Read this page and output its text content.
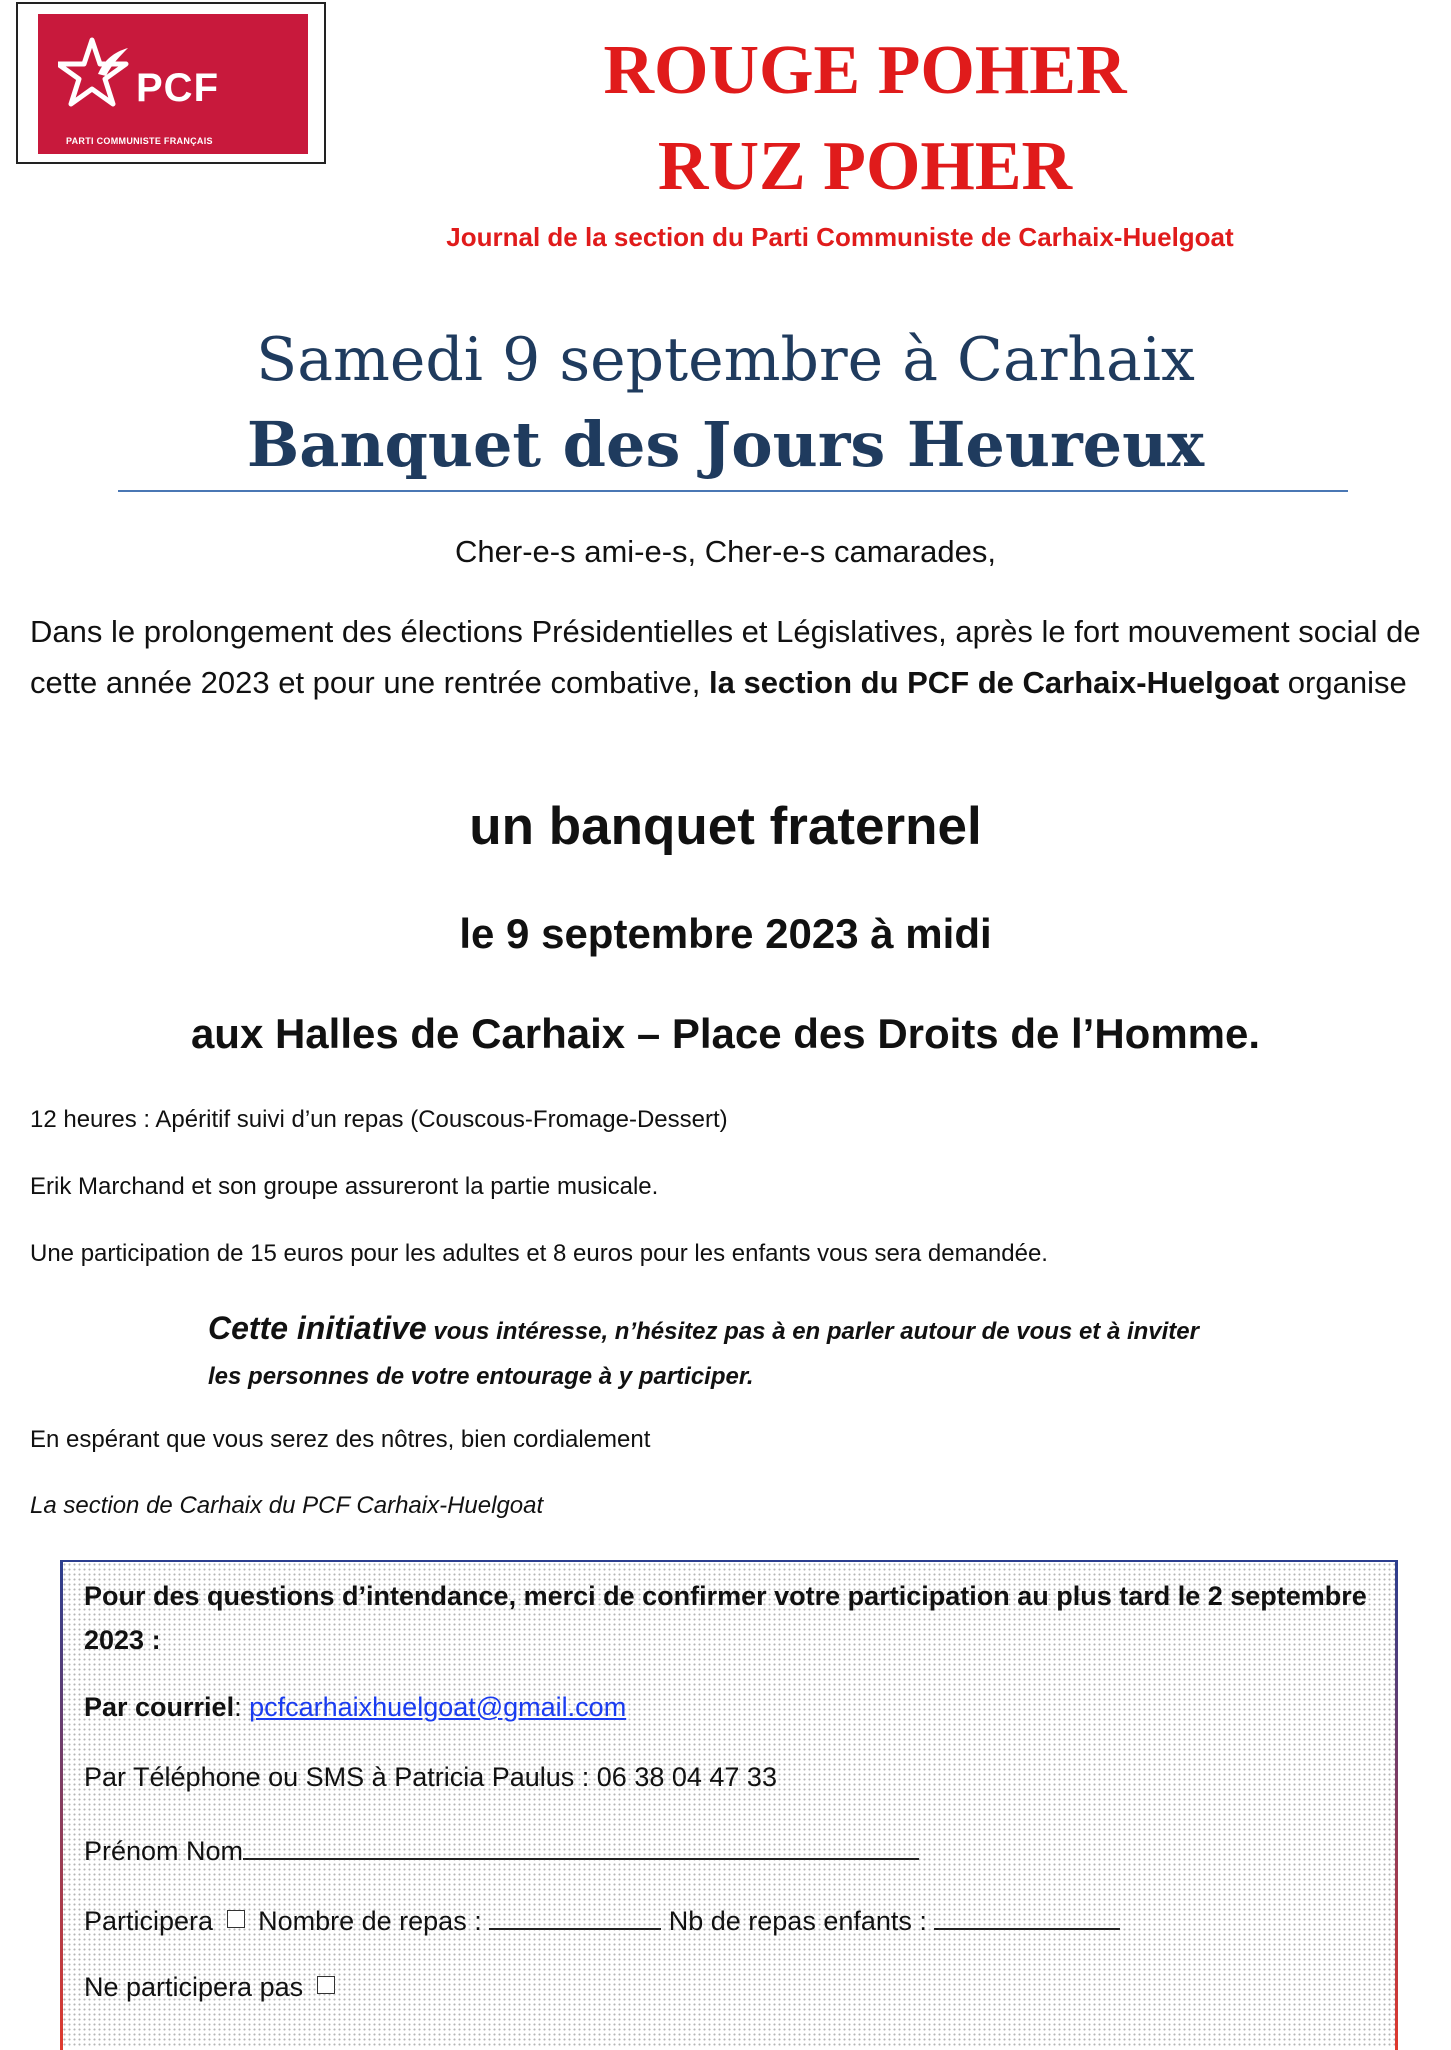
PCF
PARTI COMMUNISTE FRANÇAIS
ROUGE POHER
RUZ POHER
Journal de la section du Parti Communiste de Carhaix-Huelgoat
Samedi 9 septembre à Carhaix
Banquet des Jours Heureux
Cher-e-s ami-e-s, Cher-e-s camarades,
Dans le prolongement des élections Présidentielles et Législatives, après le fort mouvement social de cette année 2023 et pour une rentrée combative, la section du PCF de Carhaix-Huelgoat organise
un banquet fraternel
le 9 septembre 2023 à midi
aux Halles de Carhaix – Place des Droits de l’Homme.
12 heures : Apéritif suivi d’un repas (Couscous-Fromage-Dessert)
Erik Marchand et son groupe assureront la partie musicale.
Une participation de 15 euros pour les adultes et 8 euros pour les enfants vous sera demandée.
Cette initiative vous intéresse, n’hésitez pas à en parler autour de vous et à inviter les personnes de votre entourage à y participer.
En espérant que vous serez des nôtres, bien cordialement
La section de Carhaix du PCF Carhaix-Huelgoat
Pour des questions d’intendance, merci de confirmer votre participation au plus tard le 2 septembre 2023 :
Par courriel: pcfcarhaixhuelgoat@gmail.com
Par Téléphone ou SMS à Patricia Paulus : 06 38 04 47 33
Prénom Nom
Participera Nombre de repas :	Nb de repas enfants :
Ne participera pas
